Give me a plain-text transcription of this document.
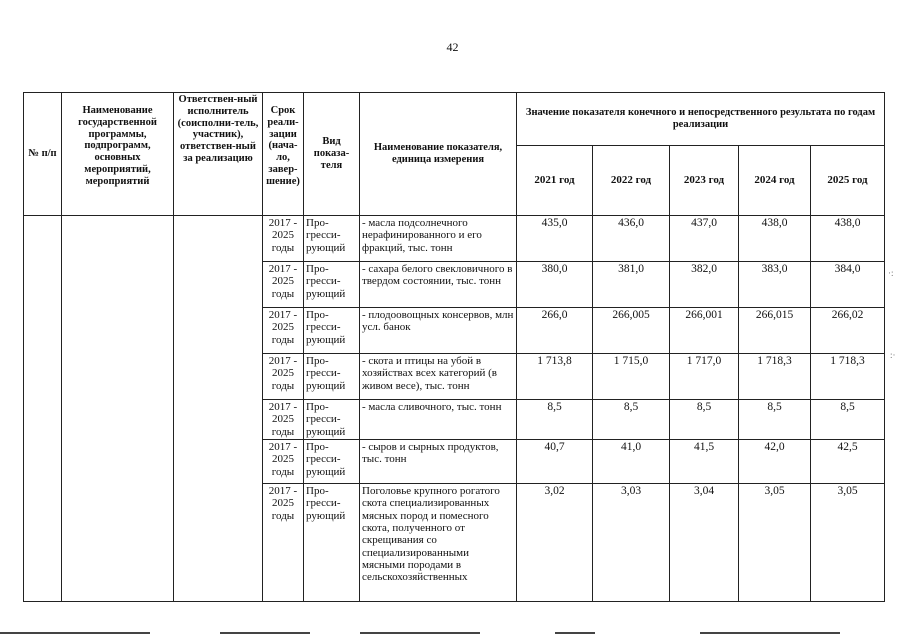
42
№ п/п	Наименование государственной программы, подпрограмм, основных мероприятий, мероприятий	Ответствен-ный исполнитель (соисполни-тель, участник), ответствен-ный за реализацию	Срок реали-зации (нача-ло, завер-шение)	Вид показа-теля	Наименование показателя, единица измерения	Значение показателя конечного и непосредственного результата по годам реализации				
						2021 год	2022 год	2023 год	2024 год	2025 год
			2017 - 2025 годы	Про-гресси-рующий	- масла подсолнечного нерафинированного и его фракций, тыс. тонн	435,0	436,0	437,0	438,0	438,0
			2017 - 2025 годы	Про-гресси-рующий	- сахара белого свекловичного в твердом состоянии, тыс. тонн	380,0	381,0	382,0	383,0	384,0
			2017 - 2025 годы	Про-гресси-рующий	- плодоовощных консервов, млн усл. банок	266,0	266,005	266,001	266,015	266,02
			2017 - 2025 годы	Про-гресси-рующий	- скота и птицы на убой в хозяйствах всех категорий (в живом весе), тыс. тонн	1 713,8	1 715,0	1 717,0	1 718,3	1 718,3
			2017 - 2025 годы	Про-гресси-рующий	- масла сливочного, тыс. тонн	8,5	8,5	8,5	8,5	8,5
			2017 - 2025 годы	Про-гресси-рующий	- сыров и сырных продуктов, тыс. тонн	40,7	41,0	41,5	42,0	42,5
			2017 - 2025 годы	Про-гресси-рующий	Поголовье крупного рогатого скота специализированных мясных пород и помесного скота, полученного от скрещивания со специализированными мясными породами в сельскохозяйственных	3,02	3,03	3,04	3,05	3,05
·:
:·
